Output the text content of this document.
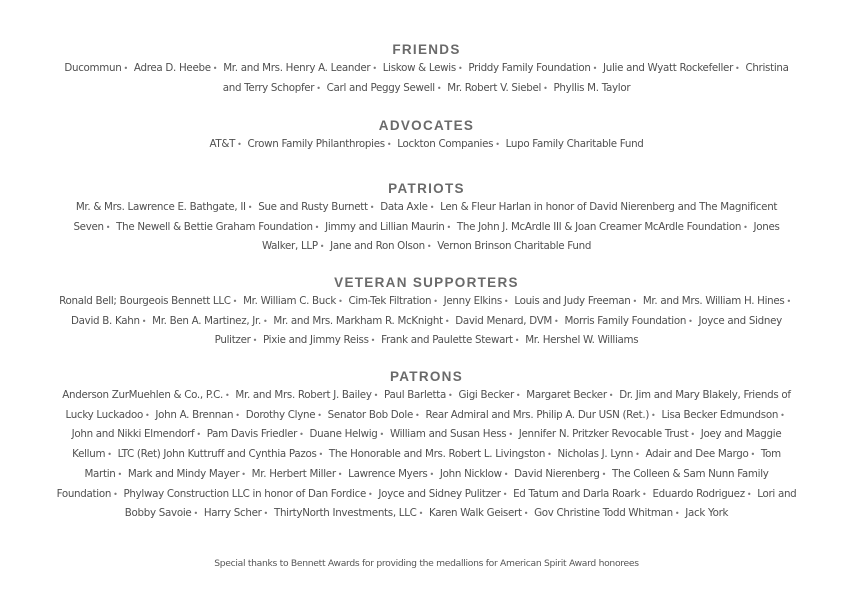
FRIENDS

Ducommun • Adrea D. Heebe • Mr. and Mrs. Henry A. Leander • Liskow & Lewis • Priddy Family Foundation • Julie and Wyatt Rockefeller • Christina and Terry Schopfer • Carl and Peggy Sewell • Mr. Robert V. Siebel • Phyllis M. Taylor

ADVOCATES

AT&T • Crown Family Philanthropies • Lockton Companies • Lupo Family Charitable Fund

PATRIOTS

Mr. & Mrs. Lawrence E. Bathgate, II • Sue and Rusty Burnett • Data Axle • Len & Fleur Harlan in honor of David Nierenberg and The Magnificent Seven • The Newell & Bettie Graham Foundation • Jimmy and Lillian Maurin • The John J. McArdle III & Joan Creamer McArdle Foundation • Jones Walker, LLP • Jane and Ron Olson • Vernon Brinson Charitable Fund

VETERAN SUPPORTERS

Ronald Bell; Bourgeois Bennett LLC • Mr. William C. Buck • Cim-Tek Filtration • Jenny Elkins • Louis and Judy Freeman • Mr. and Mrs. William H. Hines • David B. Kahn • Mr. Ben A. Martinez, Jr. • Mr. and Mrs. Markham R. McKnight • David Menard, DVM • Morris Family Foundation • Joyce and Sidney Pulitzer • Pixie and Jimmy Reiss • Frank and Paulette Stewart • Mr. Hershel W. Williams

PATRONS

Anderson ZurMuehlen & Co., P.C. • Mr. and Mrs. Robert J. Bailey • Paul Barletta • Gigi Becker • Margaret Becker • Dr. Jim and Mary Blakely, Friends of Lucky Luckadoo • John A. Brennan • Dorothy Clyne • Senator Bob Dole • Rear Admiral and Mrs. Philip A. Dur USN (Ret.) • Lisa Becker Edmundson • John and Nikki Elmendorf • Pam Davis Friedler • Duane Helwig • William and Susan Hess • Jennifer N. Pritzker Revocable Trust • Joey and Maggie Kellum • LTC (Ret) John Kuttruff and Cynthia Pazos • The Honorable and Mrs. Robert L. Livingston • Nicholas J. Lynn • Adair and Dee Margo • Tom Martin • Mark and Mindy Mayer • Mr. Herbert Miller • Lawrence Myers • John Nicklow • David Nierenberg • The Colleen & Sam Nunn Family Foundation • Phylway Construction LLC in honor of Dan Fordice • Joyce and Sidney Pulitzer • Ed Tatum and Darla Roark • Eduardo Rodriguez • Lori and Bobby Savoie • Harry Scher • ThirtyNorth Investments, LLC • Karen Walk Geisert • Gov Christine Todd Whitman • Jack York

Special thanks to Bennett Awards for providing the medallions for American Spirit Award honorees
